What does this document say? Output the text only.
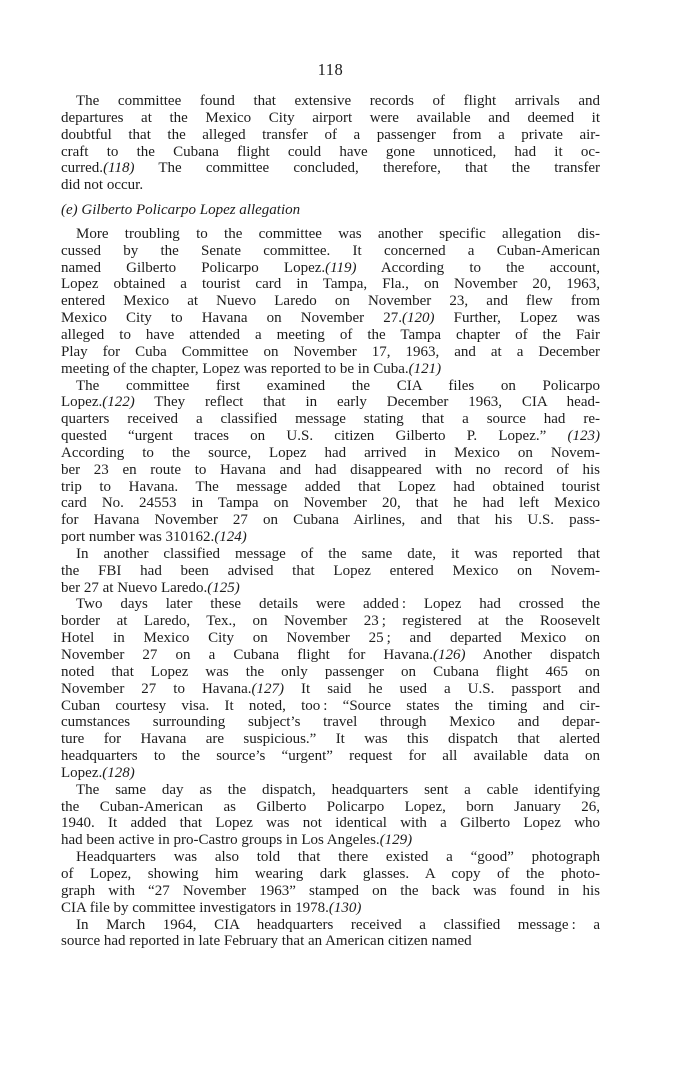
118
The committee found that extensive records of flight arrivals and
departures at the Mexico City airport were available and deemed it
doubtful that the alleged transfer of a passenger from a private air-
craft to the Cubana flight could have gone unnoticed, had it oc-
curred.(118) The committee concluded, therefore, that the transfer
did not occur.
(e) Gilberto Policarpo Lopez allegation
More troubling to the committee was another specific allegation dis-
cussed by the Senate committee. It concerned a Cuban-American
named Gilberto Policarpo Lopez.(119) According to the account,
Lopez obtained a tourist card in Tampa, Fla., on November 20, 1963,
entered Mexico at Nuevo Laredo on November 23, and flew from
Mexico City to Havana on November 27.(120) Further, Lopez was
alleged to have attended a meeting of the Tampa chapter of the Fair
Play for Cuba Committee on November 17, 1963, and at a December
meeting of the chapter, Lopez was reported to be in Cuba.(121)
The committee first examined the CIA files on Policarpo
Lopez.(122) They reflect that in early December 1963, CIA head-
quarters received a classified message stating that a source had re-
quested “urgent traces on U.S. citizen Gilberto P. Lopez.” (123)
According to the source, Lopez had arrived in Mexico on Novem-
ber 23 en route to Havana and had disappeared with no record of his
trip to Havana. The message added that Lopez had obtained tourist
card No. 24553 in Tampa on November 20, that he had left Mexico
for Havana November 27 on Cubana Airlines, and that his U.S. pass-
port number was 310162.(124)
In another classified message of the same date, it was reported that
the FBI had been advised that Lopez entered Mexico on Novem-
ber 27 at Nuevo Laredo.(125)
Two days later these details were added : Lopez had crossed the
border at Laredo, Tex., on November 23 ; registered at the Roosevelt
Hotel in Mexico City on November 25 ; and departed Mexico on
November 27 on a Cubana flight for Havana.(126) Another dispatch
noted that Lopez was the only passenger on Cubana flight 465 on
November 27 to Havana.(127) It said he used a U.S. passport and
Cuban courtesy visa. It noted, too : “Source states the timing and cir-
cumstances surrounding subject’s travel through Mexico and depar-
ture for Havana are suspicious.” It was this dispatch that alerted
headquarters to the source’s “urgent” request for all available data on
Lopez.(128)
The same day as the dispatch, headquarters sent a cable identifying
the Cuban-American as Gilberto Policarpo Lopez, born January 26,
1940. It added that Lopez was not identical with a Gilberto Lopez who
had been active in pro-Castro groups in Los Angeles.(129)
Headquarters was also told that there existed a “good” photograph
of Lopez, showing him wearing dark glasses. A copy of the photo-
graph with “27 November 1963” stamped on the back was found in his
CIA file by committee investigators in 1978.(130)
In March 1964, CIA headquarters received a classified message : a
source had reported in late February that an American citizen named
